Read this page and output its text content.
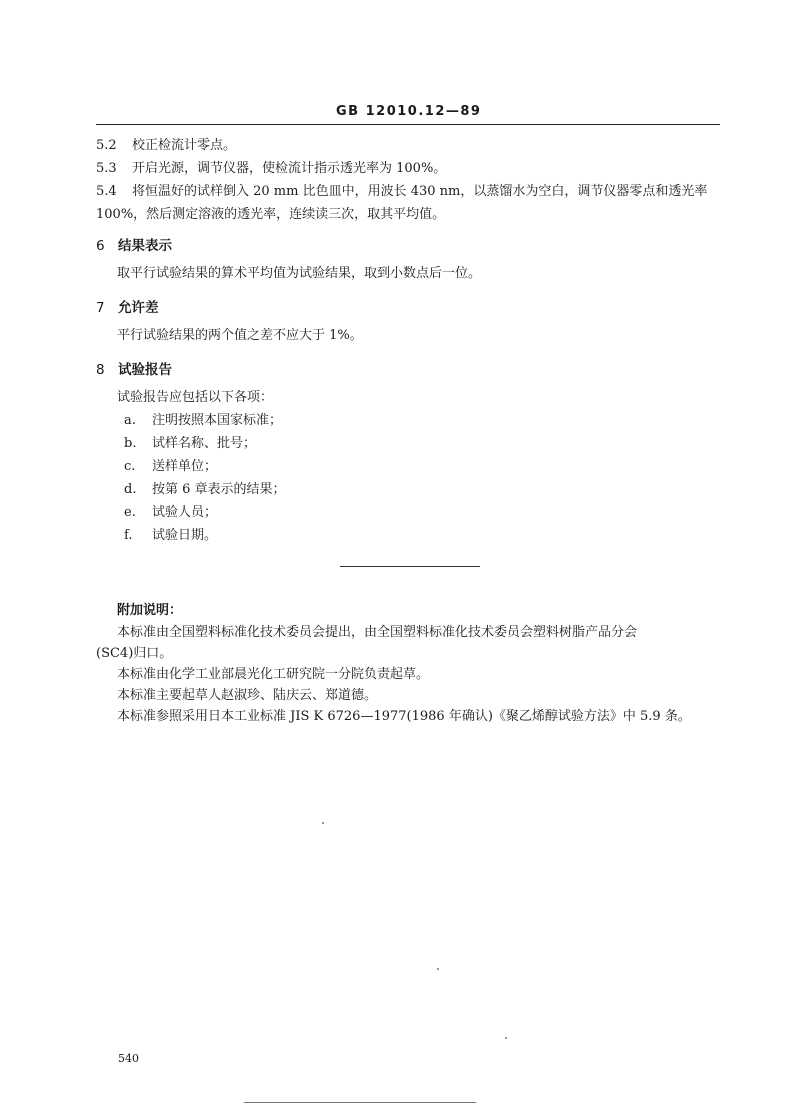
GB 12010.12—89
5.2 校正检流计零点。
5.3 开启光源，调节仪器，使检流计指示透光率为 100%。
5.4 将恒温好的试样倒入 20 mm 比色皿中，用波长 430 nm，以蒸馏水为空白，调节仪器零点和透光率
100%，然后测定溶液的透光率，连续读三次，取其平均值。
6 结果表示
取平行试验结果的算术平均值为试验结果，取到小数点后一位。
7 允许差
平行试验结果的两个值之差不应大于 1%。
8 试验报告
试验报告应包括以下各项：
a. 注明按照本国家标准；
b. 试样名称、批号；
c. 送样单位；
d. 按第 6 章表示的结果；
e. 试验人员；
f. 试验日期。
附加说明：
本标准由全国塑料标准化技术委员会提出，由全国塑料标准化技术委员会塑料树脂产品分会
(SC4)归口。
本标准由化学工业部晨光化工研究院一分院负责起草。
本标准主要起草人赵淑珍、陆庆云、郑道德。
本标准参照采用日本工业标准 JIS K 6726—1977(1986 年确认)《聚乙烯醇试验方法》中 5.9 条。
540
